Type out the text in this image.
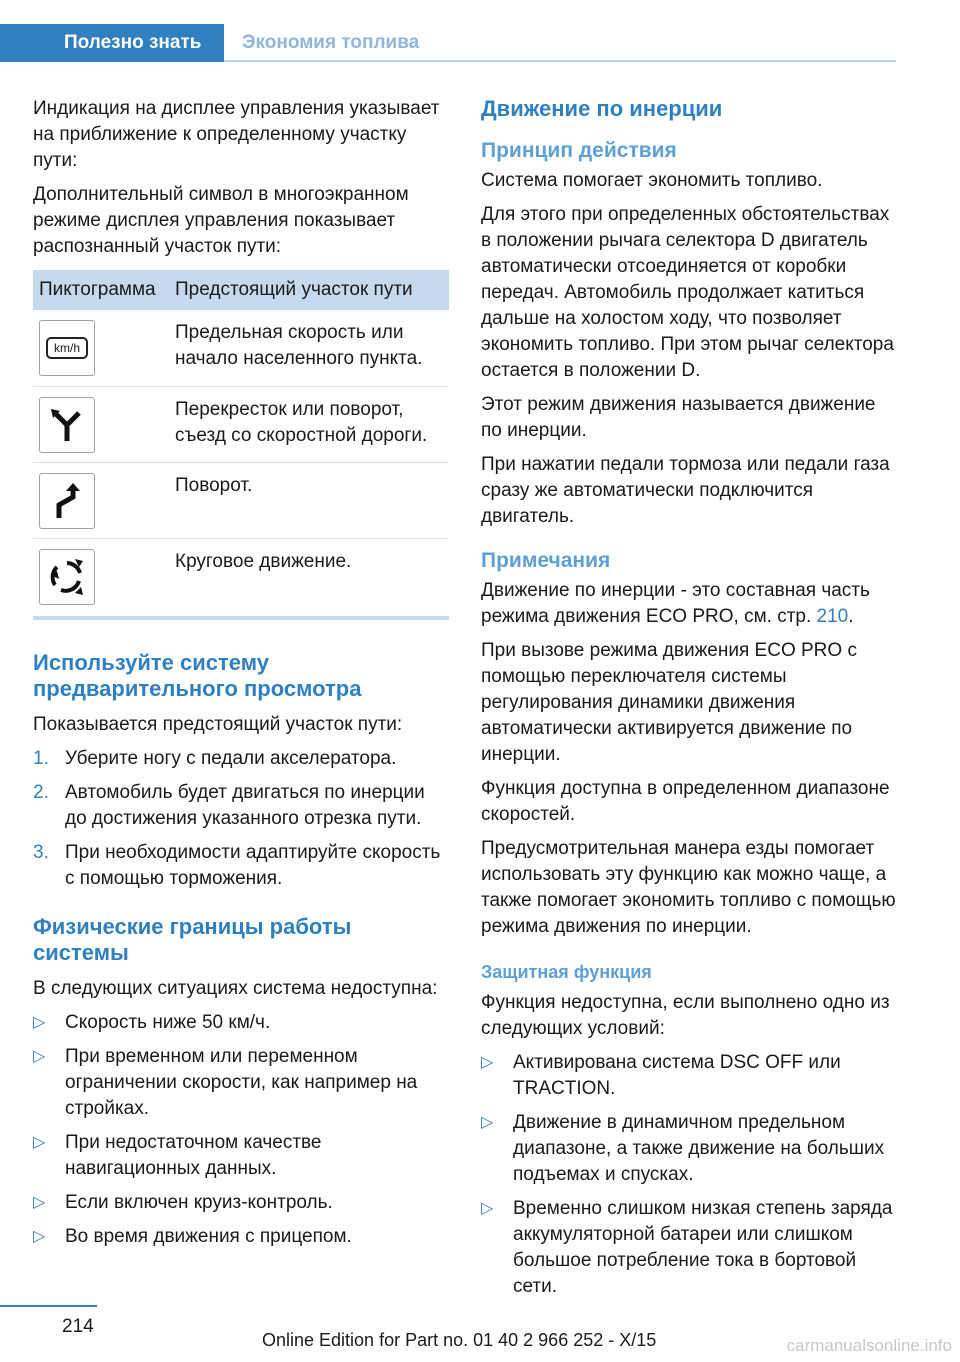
Полезно знать	Экономия топлива

Индикация на дисплее управления указывает на приближение к определенному участку пути:

Дополнительный символ в многоэкранном режиме дисплея управления показывает распознанный участок пути:

Пиктограмма	Предстоящий участок пути

km/h	Предельная скорость или начало населенного пункта.

	Перекресток или поворот, съезд со скоростной дороги.

	Поворот.

	Круговое движение.
Используйте систему предварительного просмотра

Показывается предстоящий участок пути:

1. Уберите ногу с педали акселератора.
2. Автомобиль будет двигаться по инерции до достижения указанного отрезка пути.
3. При необходимости адаптируйте скорость с помощью торможения.
Физические границы работы системы

В следующих ситуациях система недоступна:

▷ Скорость ниже 50 км/ч.
▷ При временном или переменном ограничении скорости, как например на стройках.
▷ При недостаточном качестве навигационных данных.
▷ Если включен круиз-контроль.
▷ Во время движения с прицепом.
Движение по инерции
Принцип действия

Система помогает экономить топливо.

Для этого при определенных обстоятельствах в положении рычага селектора D двигатель автоматически отсоединяется от коробки передач. Автомобиль продолжает катиться дальше на холостом ходу, что позволяет экономить топливо. При этом рычаг селектора остается в положении D.

Этот режим движения называется движение по инерции.

При нажатии педали тормоза или педали газа сразу же автоматически подключится двигатель.

Примечания

Движение по инерции - это составная часть режима движения ECO PRO, см. стр. 210.

При вызове режима движения ECO PRO с помощью переключателя системы регулирования динамики движения автоматически активируется движение по инерции.

Функция доступна в определенном диапазоне скоростей.

Предусмотрительная манера езды помогает использовать эту функцию как можно чаще, а также помогает экономить топливо с помощью режима движения по инерции.

Защитная функция

Функция недоступна, если выполнено одно из следующих условий:

▷ Активирована система DSC OFF или TRACTION.
▷ Движение в динамичном предельном диапазоне, а также движение на больших подъемах и спусках.
▷ Временно слишком низкая степень заряда аккумуляторной батареи или слишком большое потребление тока в бортовой сети.
214
Online Edition for Part no. 01 40 2 966 252 - X/15	carmanualsonline.info
